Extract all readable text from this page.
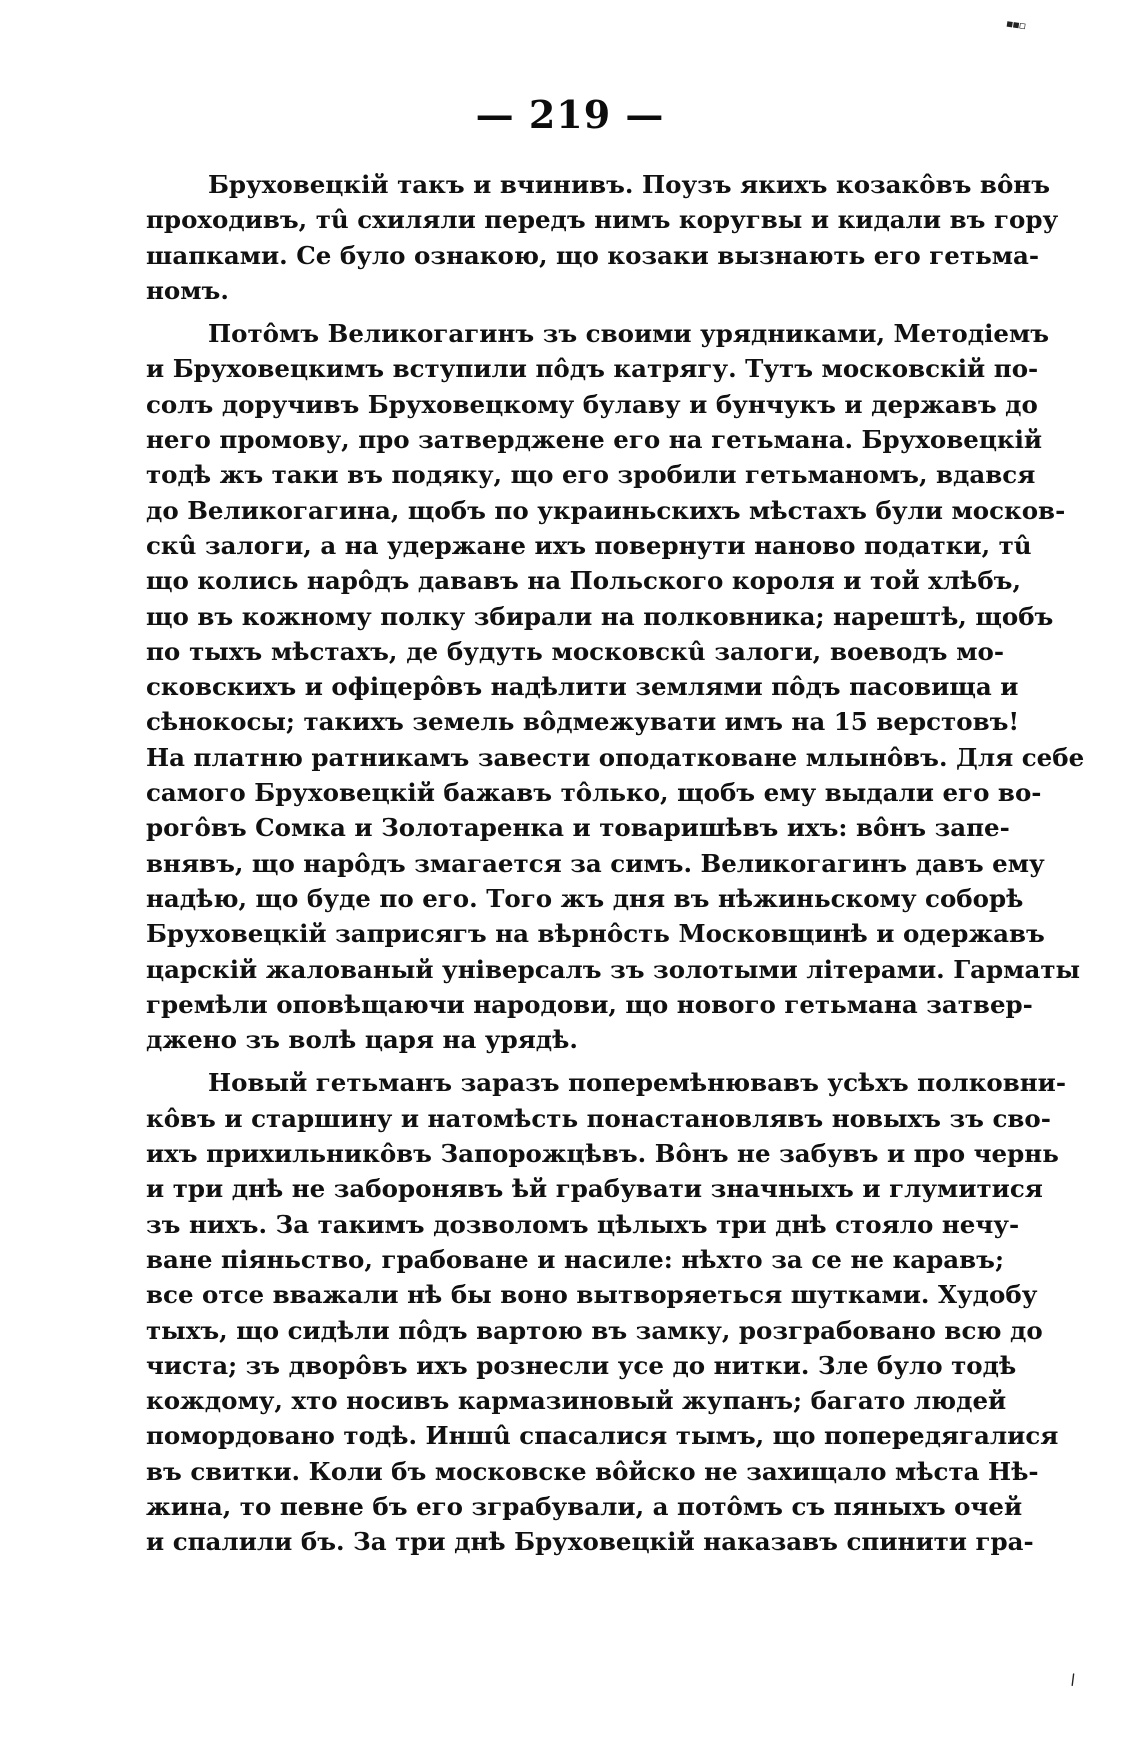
▪▪▫
— 219 —
Бруховецкій такъ и вчинивъ. Поузъ якихъ козакôвъ вôнъ
проходивъ, тû схиляли передъ нимъ коругвы и кидали въ гору
шапками. Се було ознакою, що козаки вызнають его гетьма-
номъ.
Потôмъ Великогагинъ зъ своими урядниками, Методіемъ
и Бруховецкимъ вступили пôдъ катрягу. Тутъ московскій по-
солъ доручивъ Бруховецкому булаву и бунчукъ и державъ до
него промову, про затверджене его на гетьмана. Бруховецкій
тодѣ жъ таки въ подяку, що его зробили гетьманомъ, вдався
до Великогагина, щобъ по украиньскихъ мѣстахъ були москов-
скû залоги, а на удержане ихъ повернути наново податки, тû
що колись нарôдъ дававъ на Польского короля и той хлѣбъ,
що въ кожному полку збирали на полковника; нарештѣ, щобъ
по тыхъ мѣстахъ, де будуть московскû залоги, воеводъ мо-
сковскихъ и офіцерôвъ надѣлити землями пôдъ пасовища и
сѣнокосы; такихъ земель вôдмежувати имъ на 15 верстовъ!
На платню ратникамъ завести оподатковане млынôвъ. Для себе
самого Бруховецкій бажавъ тôлько, щобъ ему выдали его во-
рогôвъ Сомка и Золотаренка и товаришѣвъ ихъ: вôнъ запе-
внявъ, що нарôдъ змагается за симъ. Великогагинъ давъ ему
надѣю, що буде по его. Того жъ дня въ нѣжиньскому соборѣ
Бруховецкій заприсягъ на вѣрнôсть Московщинѣ и одержавъ
царскій жалованый універсалъ зъ золотыми літерами. Гарматы
гремѣли оповѣщаючи народови, що нового гетьмана затвер-
джено зъ волѣ царя на урядѣ.
Новый гетьманъ заразъ поперемѣнювавъ усѣхъ полковни-
кôвъ и старшину и натомѣсть понастановлявъ новыхъ зъ сво-
ихъ прихильникôвъ Запорожцѣвъ. Вôнъ не забувъ и про чернь
и три днѣ не заборонявъ ѣй грабувати значныхъ и глумитися
зъ нихъ. За такимъ дозволомъ цѣлыхъ три днѣ стояло нечу-
ване піяньство, грабоване и насиле: нѣхто за се не каравъ;
все отсе вважали нѣ бы воно вытворяеться шутками. Худобу
тыхъ, що сидѣли пôдъ вартою въ замку, розграбовано всю до
чиста; зъ дворôвъ ихъ рознесли усе до нитки. Зле було тодѣ
кождому, хто носивъ кармазиновый жупанъ; багато людей
помордовано тодѣ. Иншû спасалися тымъ, що попередягалися
въ свитки. Коли бъ московске вôйско не захищало мѣста Нѣ-
жина, то певне бъ его зграбували, а потôмъ съ пяныхъ очей
и спалили бъ. За три днѣ Бруховецкій наказавъ спинити гра-
⸝
